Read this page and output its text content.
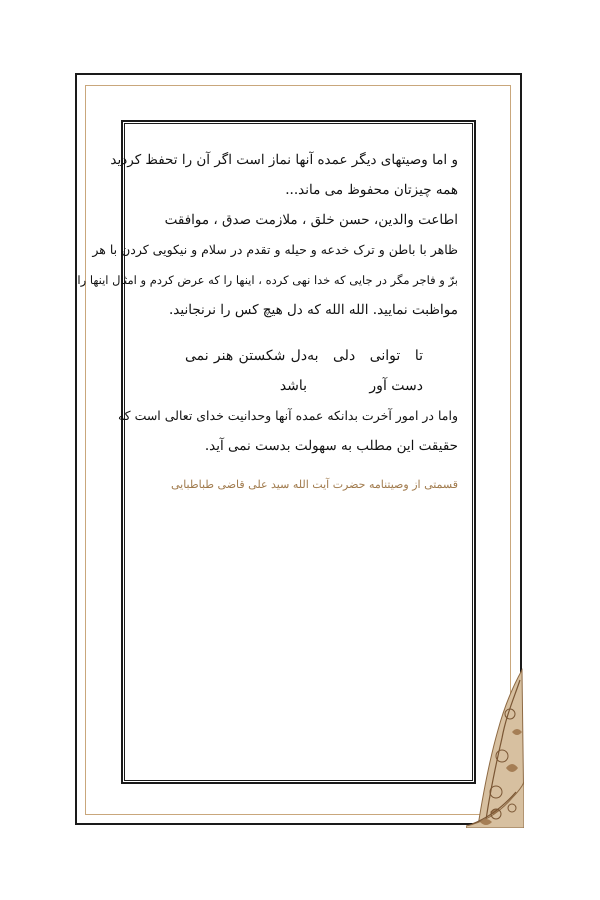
و اما وصیتهای دیگر عمده آنها نماز است اگر آن را تحفظ کردید
همه چیزتان محفوظ می ماند...
اطاعت والدین، حسن خلق ، ملازمت صدق ، موافقت
ظاهر با باطن و ترک خدعه و حیله و تقدم در سلام و نیکویی کردن با هر
برّ و فاجر مگر در جایی که خدا نهی کرده ، اینها را که عرض کردم و امثال اینها را
مواظبت نمایید. الله الله که دل هیچ کس را نرنجانید.
تا توانی دلی به دست آور
دل شکستن هنر نمی باشد
واما در امور آخرت بدانکه عمده آنها وحدانیت خدای تعالی است که
حقیقت این مطلب به سهولت بدست نمی آید.
قسمتی از وصیتنامه حضرت آیت الله سید علی قاضی طباطبایی
